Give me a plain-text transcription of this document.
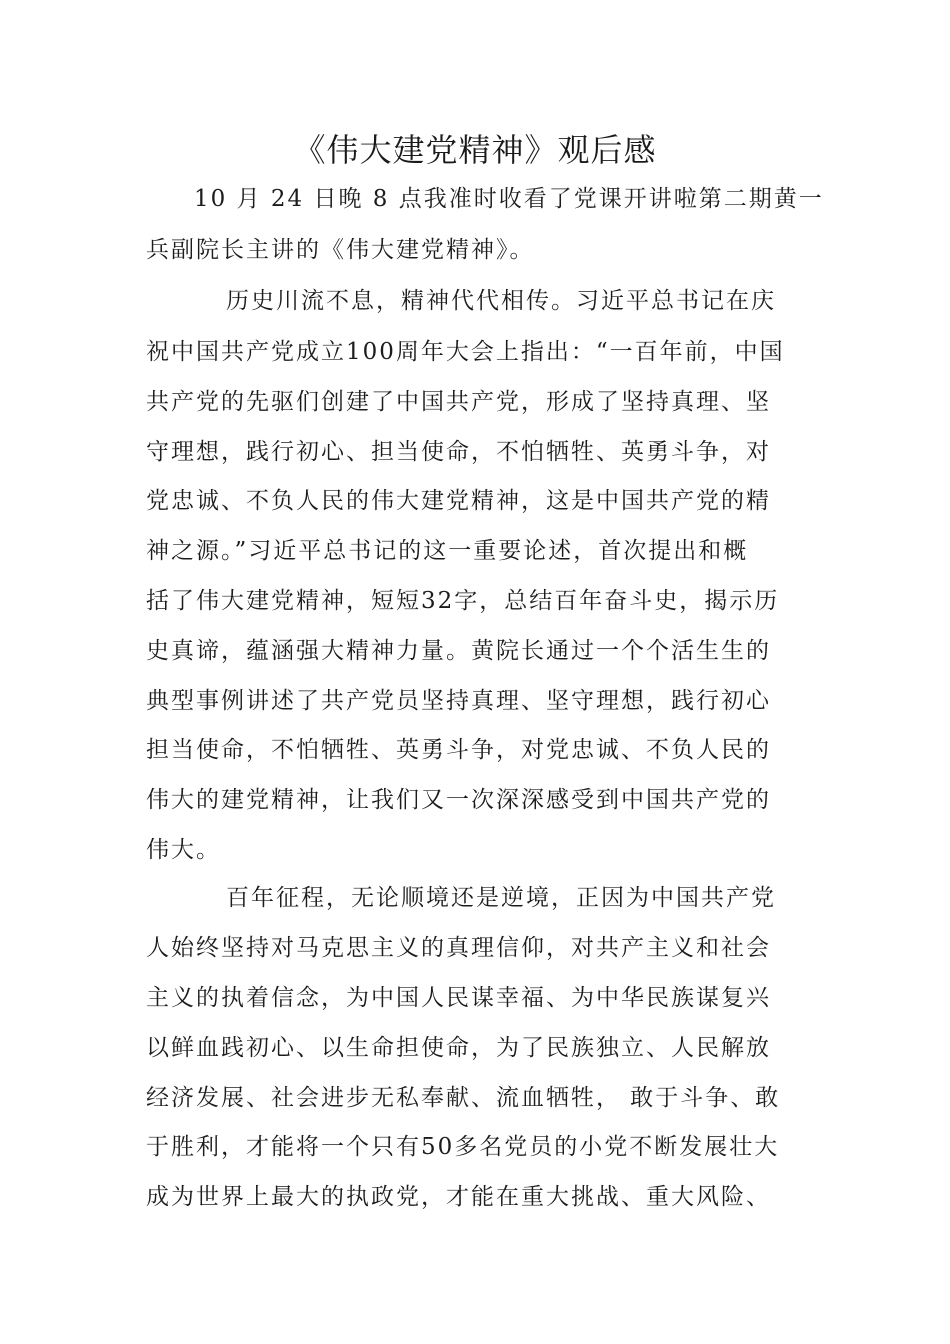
《伟大建党精神》观后感
10 月 24 日晚 8 点我准时收看了党课开讲啦第二期黄一
兵副院长主讲的《伟大建党精神》。
历史川流不息，精神代代相传。习近平总书记在庆
祝中国共产党成立100周年大会上指出：“一百年前，中国
共产党的先驱们创建了中国共产党，形成了坚持真理、坚
守理想，践行初心、担当使命，不怕牺牲、英勇斗争，对
党忠诚、不负人民的伟大建党精神，这是中国共产党的精
神之源。”习近平总书记的这一重要论述，首次提出和概
括了伟大建党精神，短短32字，总结百年奋斗史，揭示历
史真谛，蕴涵强大精神力量。黄院长通过一个个活生生的
典型事例讲述了共产党员坚持真理、坚守理想，践行初心
担当使命，不怕牺牲、英勇斗争，对党忠诚、不负人民的
伟大的建党精神，让我们又一次深深感受到中国共产党的
伟大。
百年征程，无论顺境还是逆境，正因为中国共产党
人始终坚持对马克思主义的真理信仰，对共产主义和社会
主义的执着信念，为中国人民谋幸福、为中华民族谋复兴
以鲜血践初心、以生命担使命，为了民族独立、人民解放
经济发展、社会进步无私奉献、流血牺牲， 敢于斗争、敢
于胜利，才能将一个只有50多名党员的小党不断发展壮大
成为世界上最大的执政党，才能在重大挑战、重大风险、
